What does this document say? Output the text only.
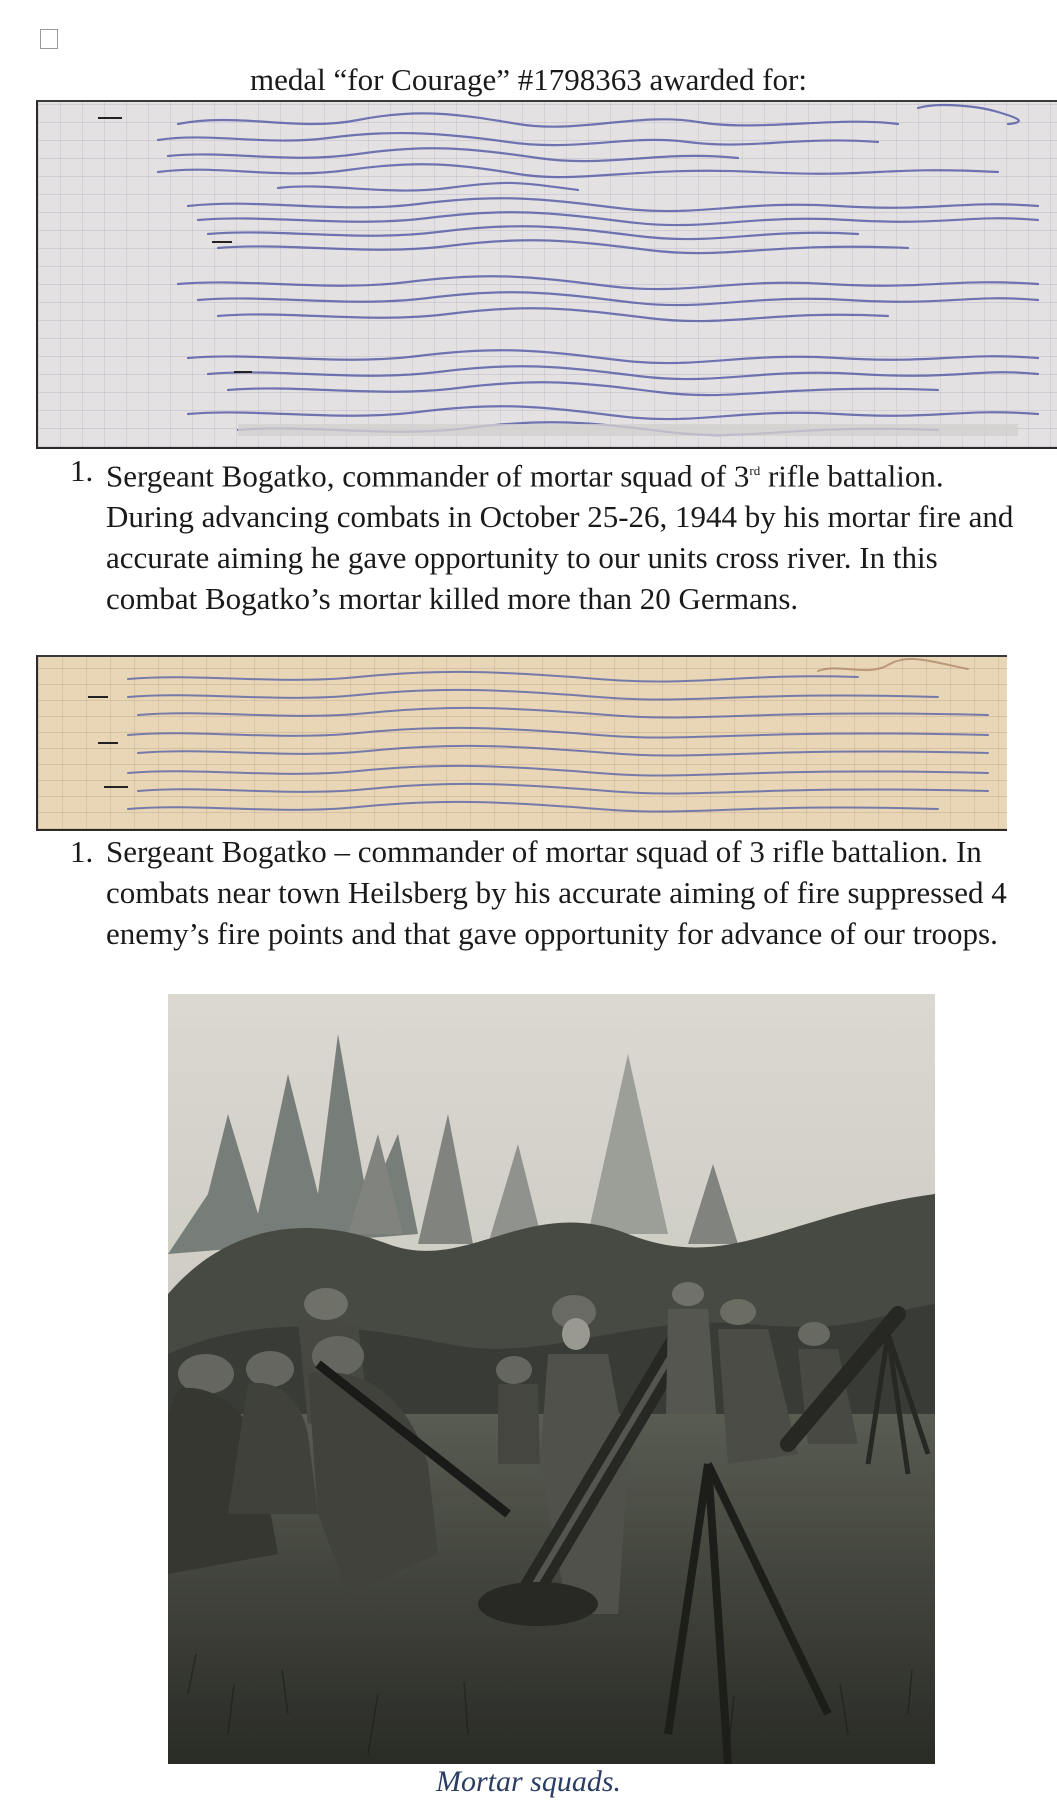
medal “for Courage” #1798363 awarded for:
1. Sergeant Bogatko, commander of mortar squad of 3rd rifle battalion. During advancing combats in October 25-26, 1944 by his mortar fire and accurate aiming he gave opportunity to our units cross river. In this combat Bogatko’s mortar killed more than 20 Germans.
1. Sergeant Bogatko – commander of mortar squad of 3 rifle battalion. In combats near town Heilsberg by his accurate aiming of fire suppressed 4 enemy’s fire points and that gave opportunity for advance of our troops.
Mortar squads.
